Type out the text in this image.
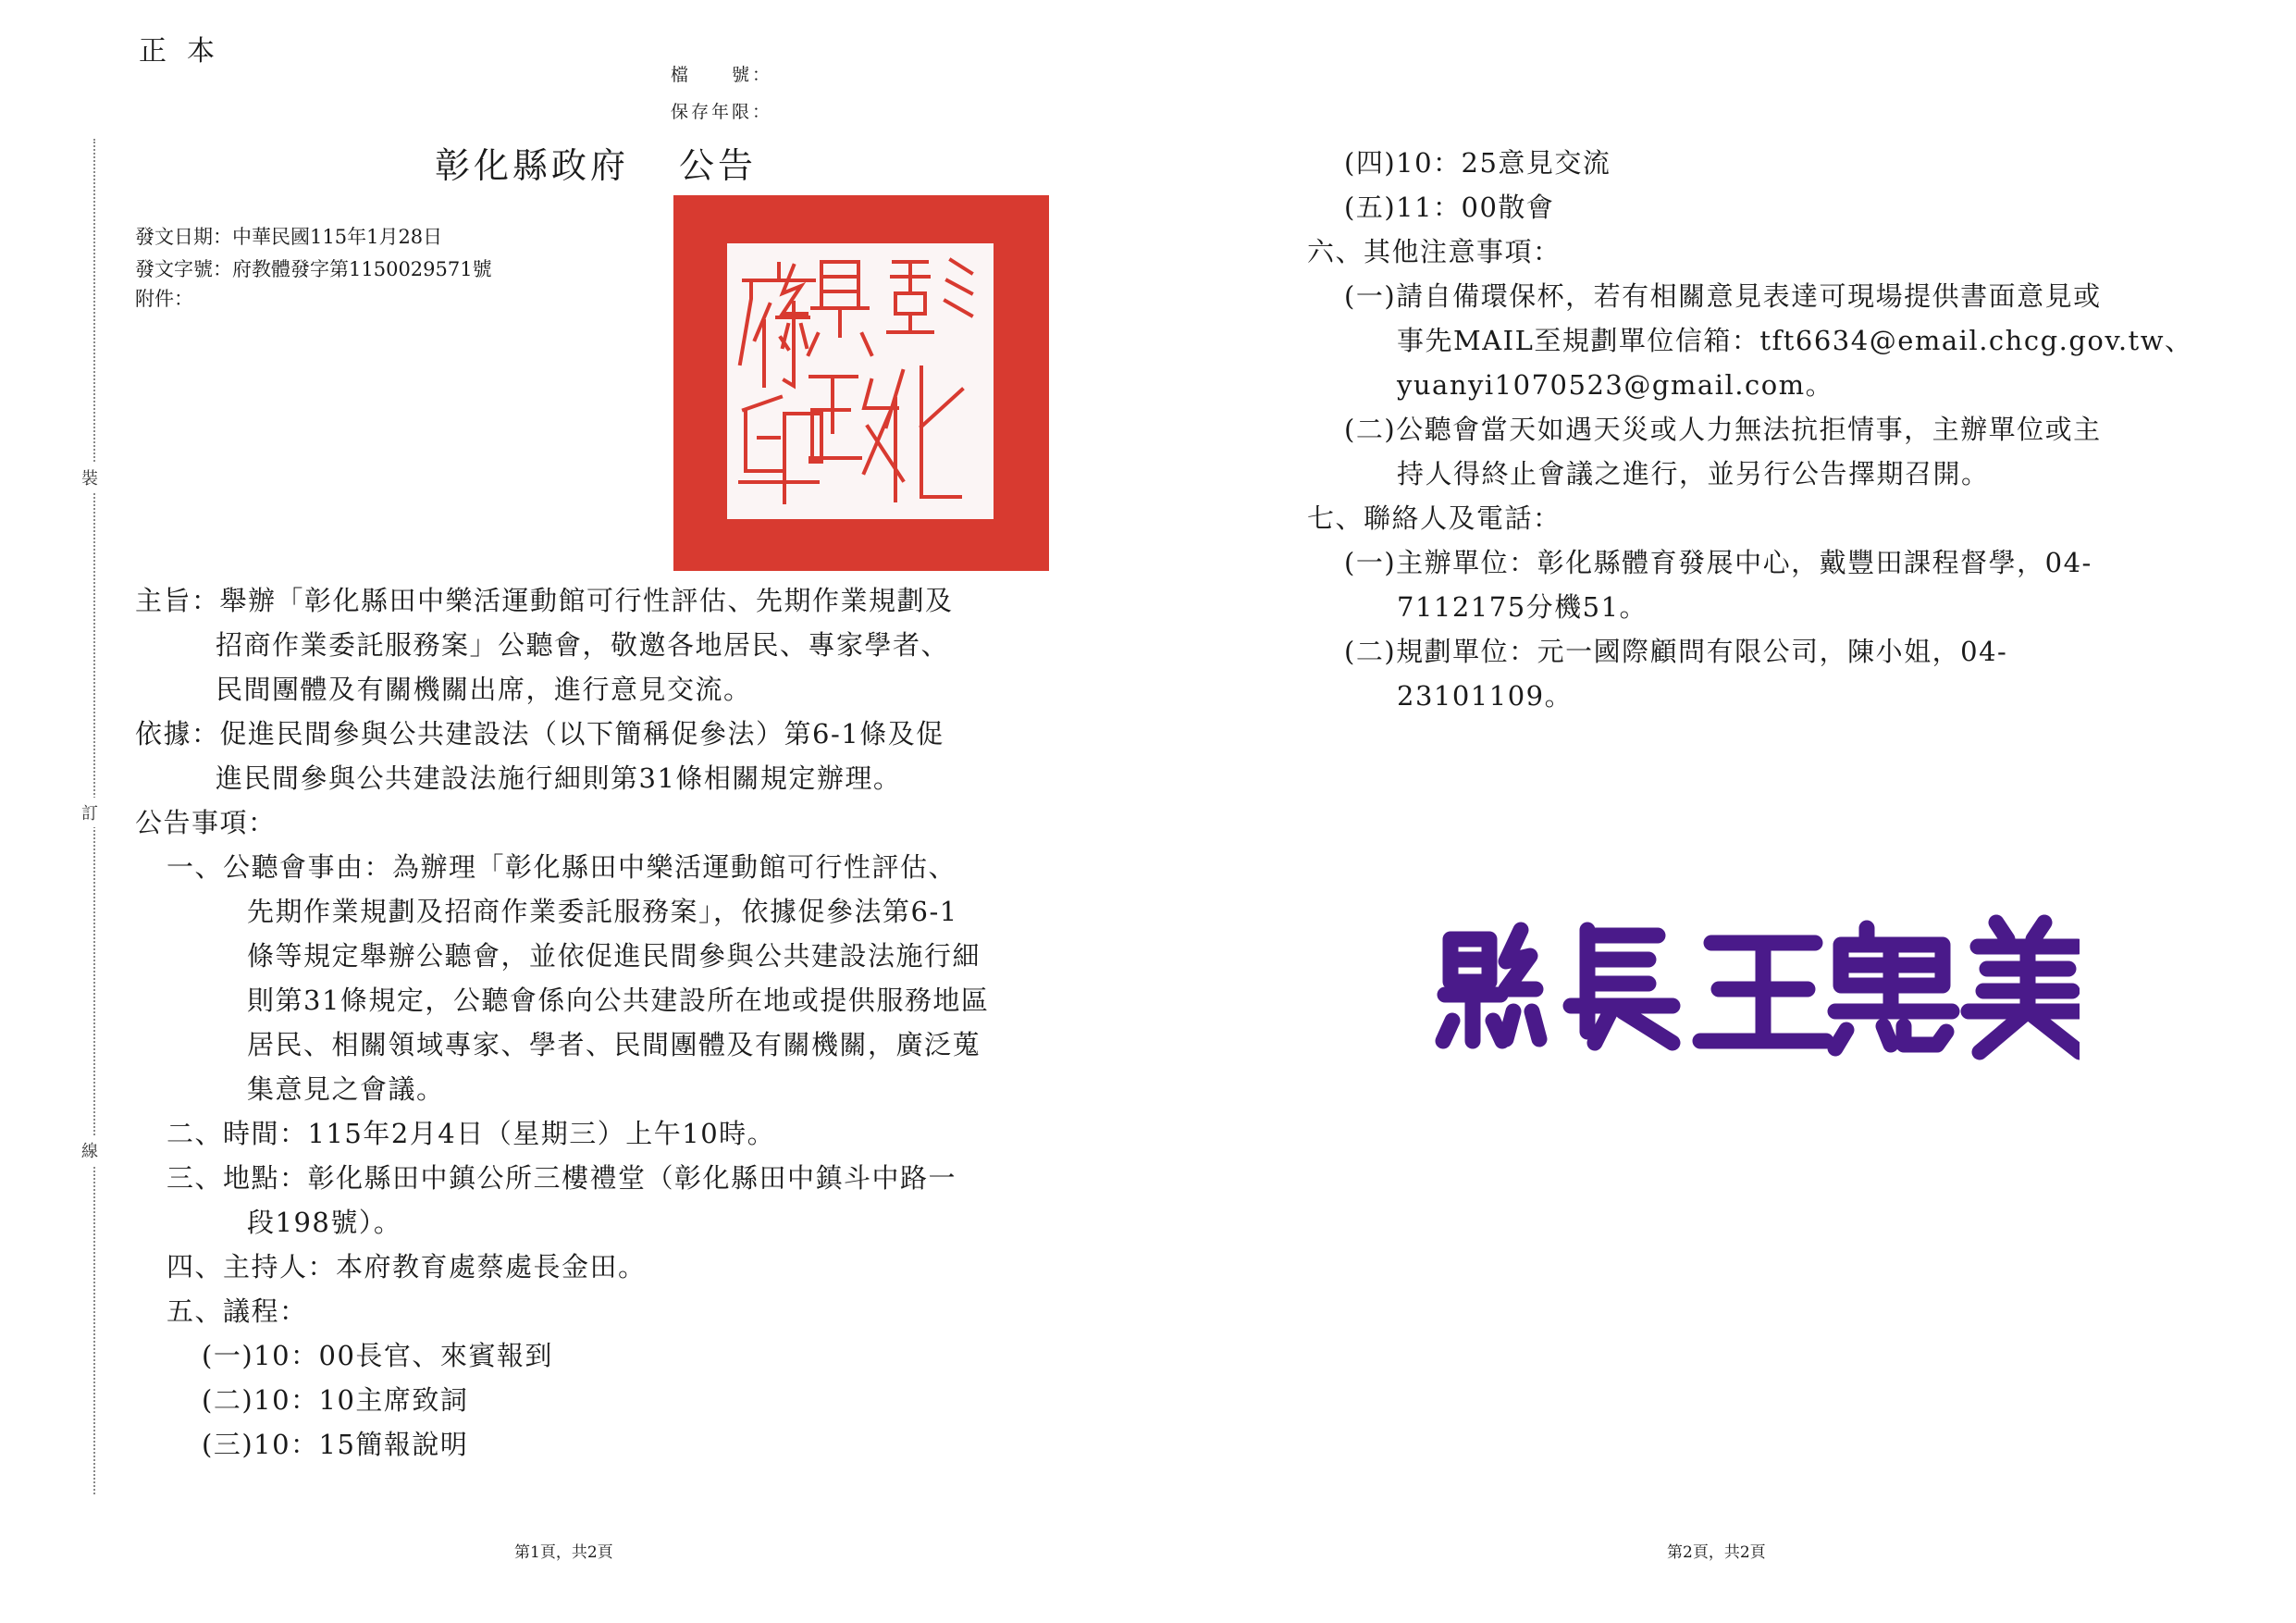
正本
檔　　號：
保存年限：
裝
訂
線
彰化縣政府 公告
發文日期：中華民國115年1月28日
發文字號：府教體發字第1150029571號
附件：
主旨：舉辦「彰化縣田中樂活運動館可行性評估、先期作業規劃及
招商作業委託服務案」公聽會，敬邀各地居民、專家學者、
民間團體及有關機關出席，進行意見交流。
依據：促進民間參與公共建設法（以下簡稱促參法）第6-1條及促
進民間參與公共建設法施行細則第31條相關規定辦理。
公告事項：
一、公聽會事由：為辦理「彰化縣田中樂活運動館可行性評估、
先期作業規劃及招商作業委託服務案」，依據促參法第6-1
條等規定舉辦公聽會，並依促進民間參與公共建設法施行細
則第31條規定，公聽會係向公共建設所在地或提供服務地區
居民、相關領域專家、學者、民間團體及有關機關，廣泛蒐
集意見之會議。
二、時間：115年2月4日（星期三）上午10時。
三、地點：彰化縣田中鎮公所三樓禮堂（彰化縣田中鎮斗中路一
段198號）。
四、主持人：本府教育處蔡處長金田。
五、議程：
(一)10：00長官、來賓報到
(二)10：10主席致詞
(三)10：15簡報說明
(四)10：25意見交流
(五)11：00散會
六、其他注意事項：
(一)請自備環保杯，若有相關意見表達可現場提供書面意見或
事先MAIL至規劃單位信箱：tft6634@email.chcg.gov.tw、
yuanyi1070523@gmail.com。
(二)公聽會當天如遇天災或人力無法抗拒情事，主辦單位或主
持人得終止會議之進行，並另行公告擇期召開。
七、聯絡人及電話：
(一)主辦單位：彰化縣體育發展中心，戴豐田課程督學，04-
7112175分機51。
(二)規劃單位：元一國際顧問有限公司，陳小姐，04-
23101109。
第1頁，共2頁	第2頁，共2頁
